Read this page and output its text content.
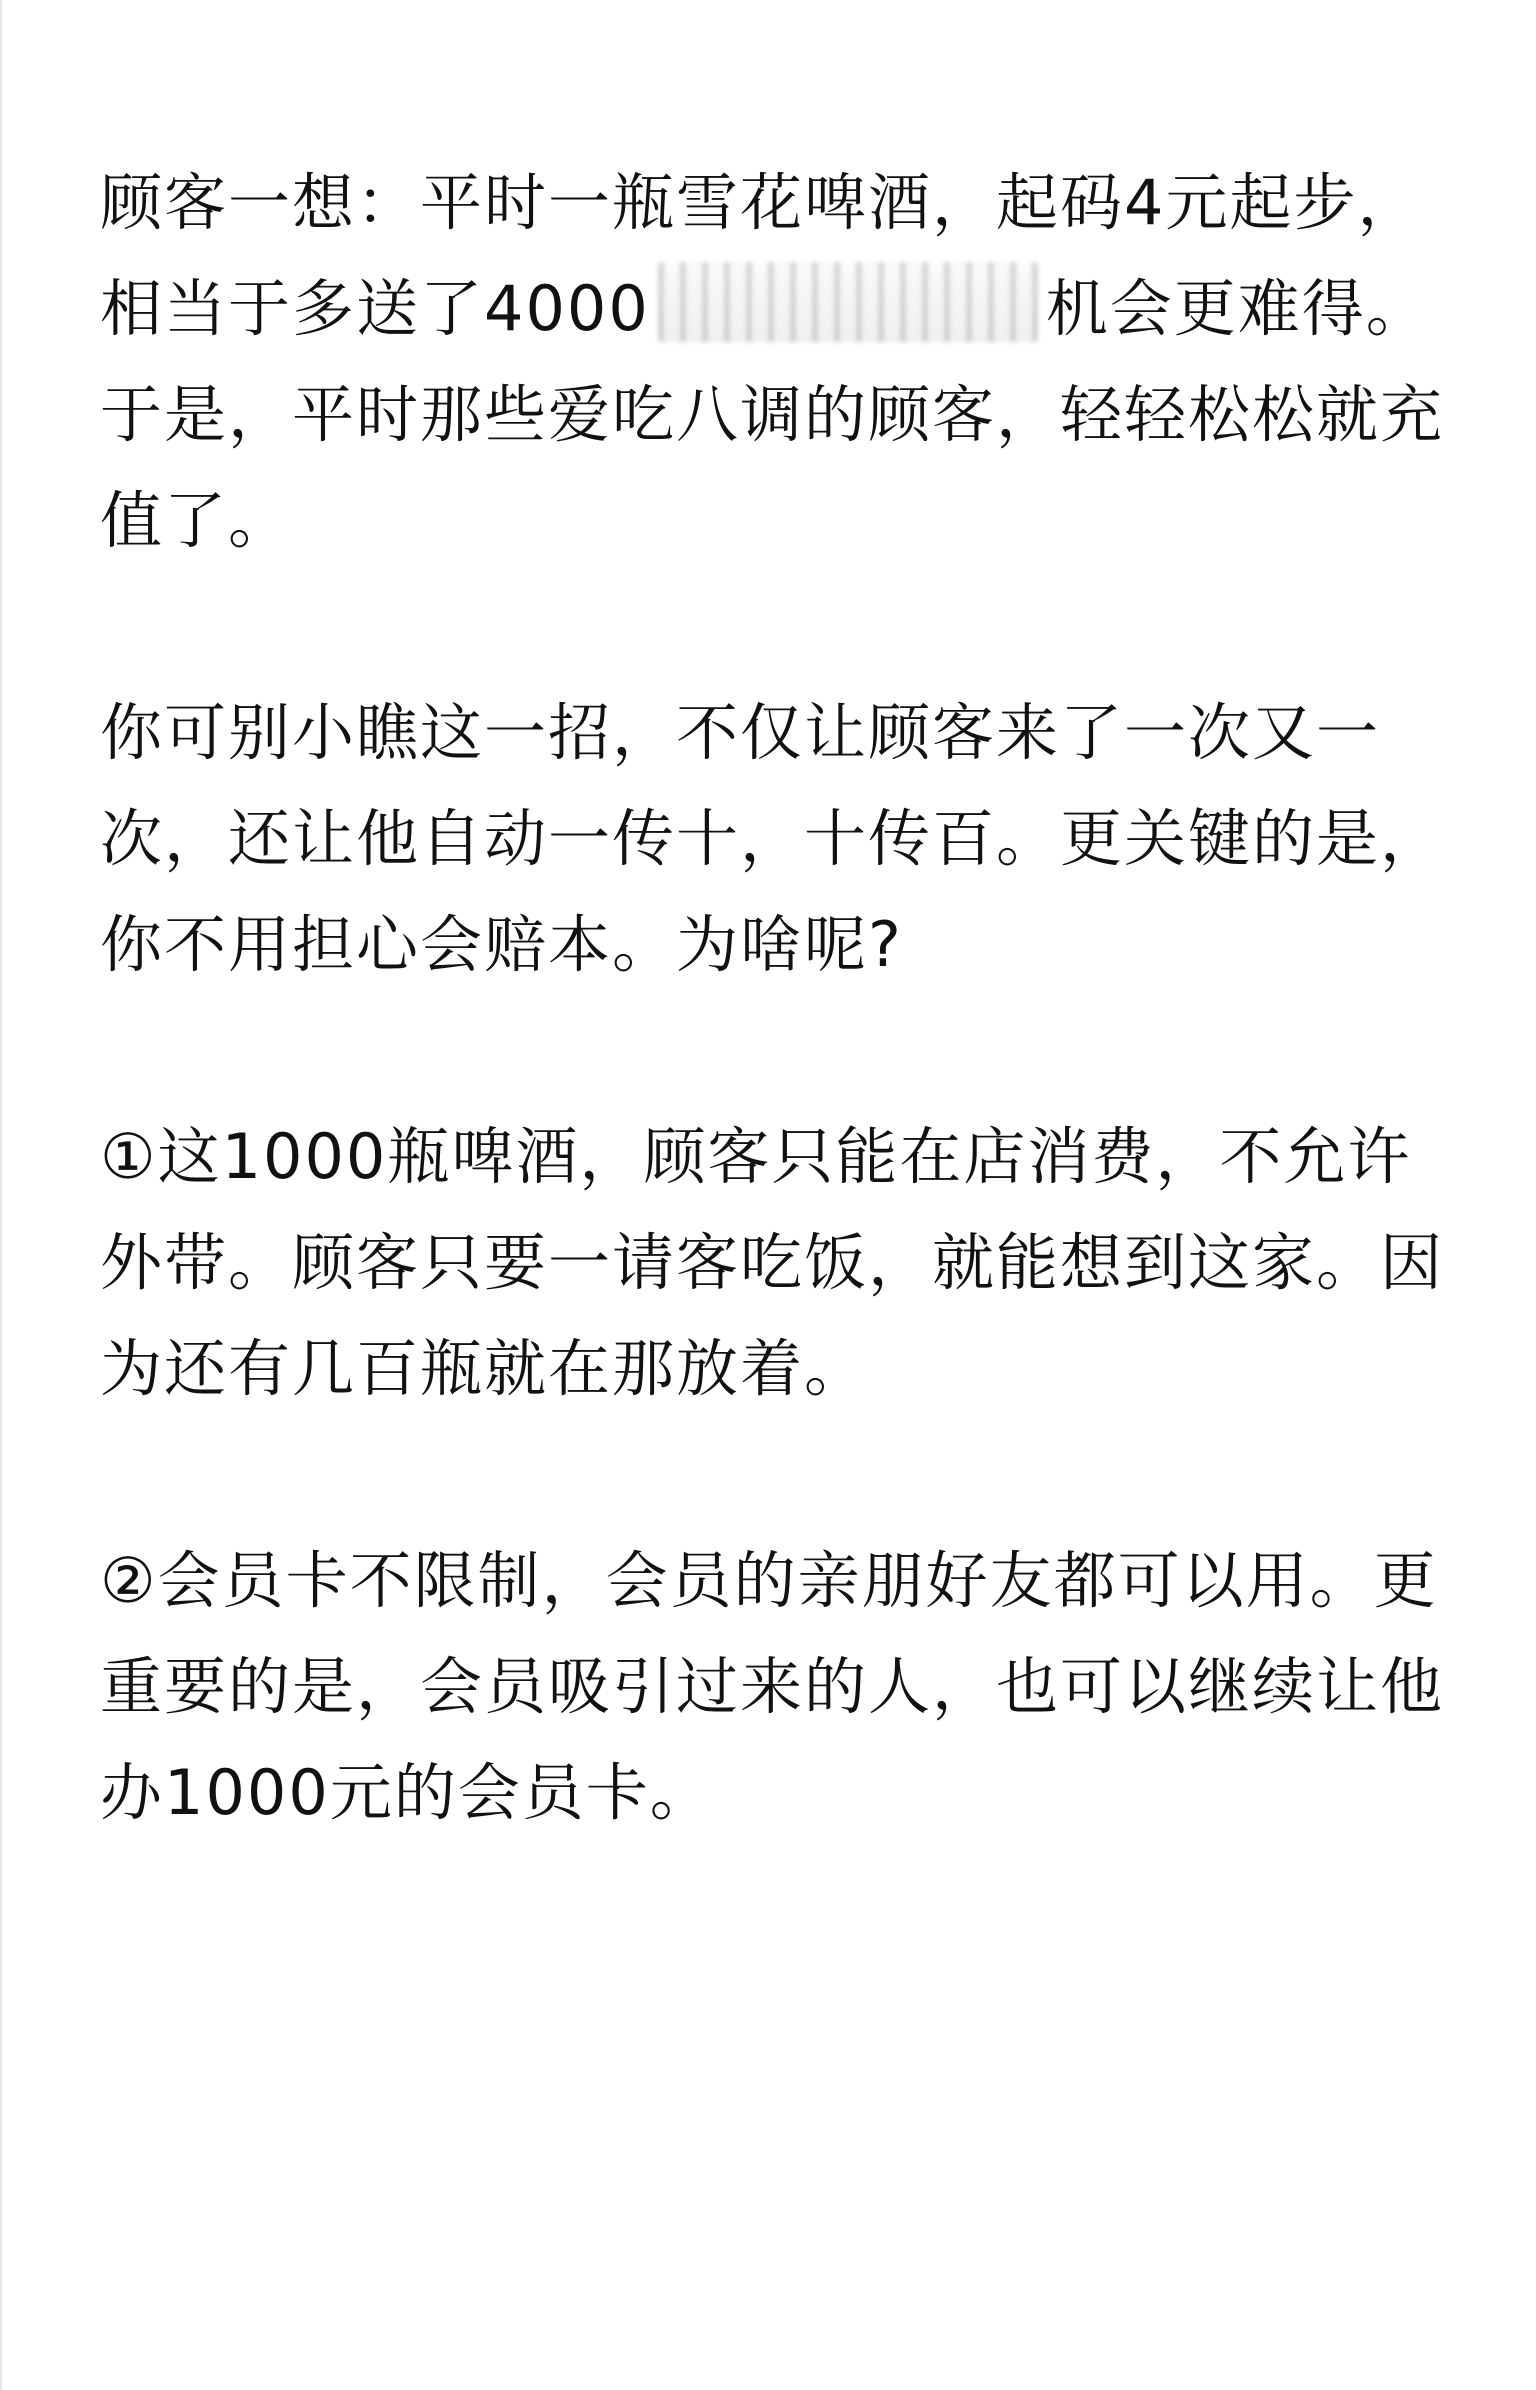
顾客一想：平时一瓶雪花啤酒，起码4元起步，相当于多送了4000	机会更难得。于是，平时那些爱吃八调的顾客，轻轻松松就充值了。

你可别小瞧这一招，不仅让顾客来了一次又一次，还让他自动一传十，十传百。更关键的是，你不用担心会赔本。为啥呢?

①这1000瓶啤酒，顾客只能在店消费，不允许外带。顾客只要一请客吃饭，就能想到这家。因为还有几百瓶就在那放着。

②会员卡不限制，会员的亲朋好友都可以用。更重要的是，会员吸引过来的人，也可以继续让他办1000元的会员卡。
